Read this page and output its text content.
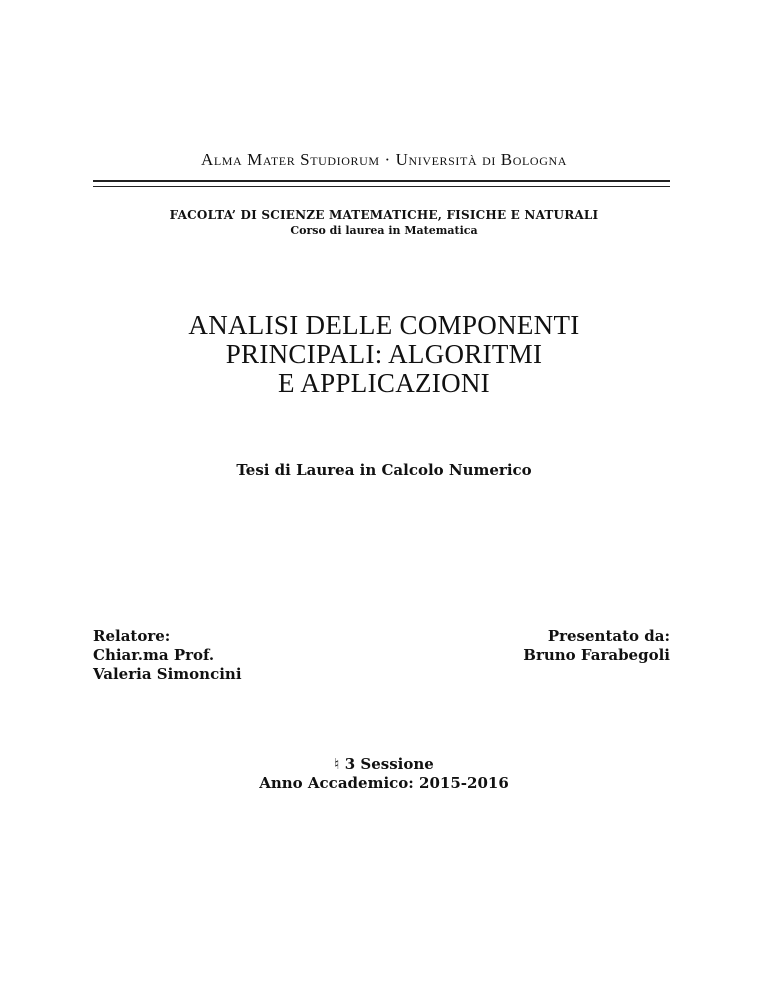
Alma Mater Studiorum · Università di Bologna
FACOLTA’ DI SCIENZE MATEMATICHE, FISICHE E NATURALI
Corso di laurea in Matematica
ANALISI DELLE COMPONENTI
PRINCIPALI: ALGORITMI
E APPLICAZIONI
Tesi di Laurea in Calcolo Numerico
Relatore:
Chiar.ma Prof.
Valeria Simoncini
Presentato da:
Bruno Farabegoli
♮ 3 Sessione
Anno Accademico: 2015-2016
